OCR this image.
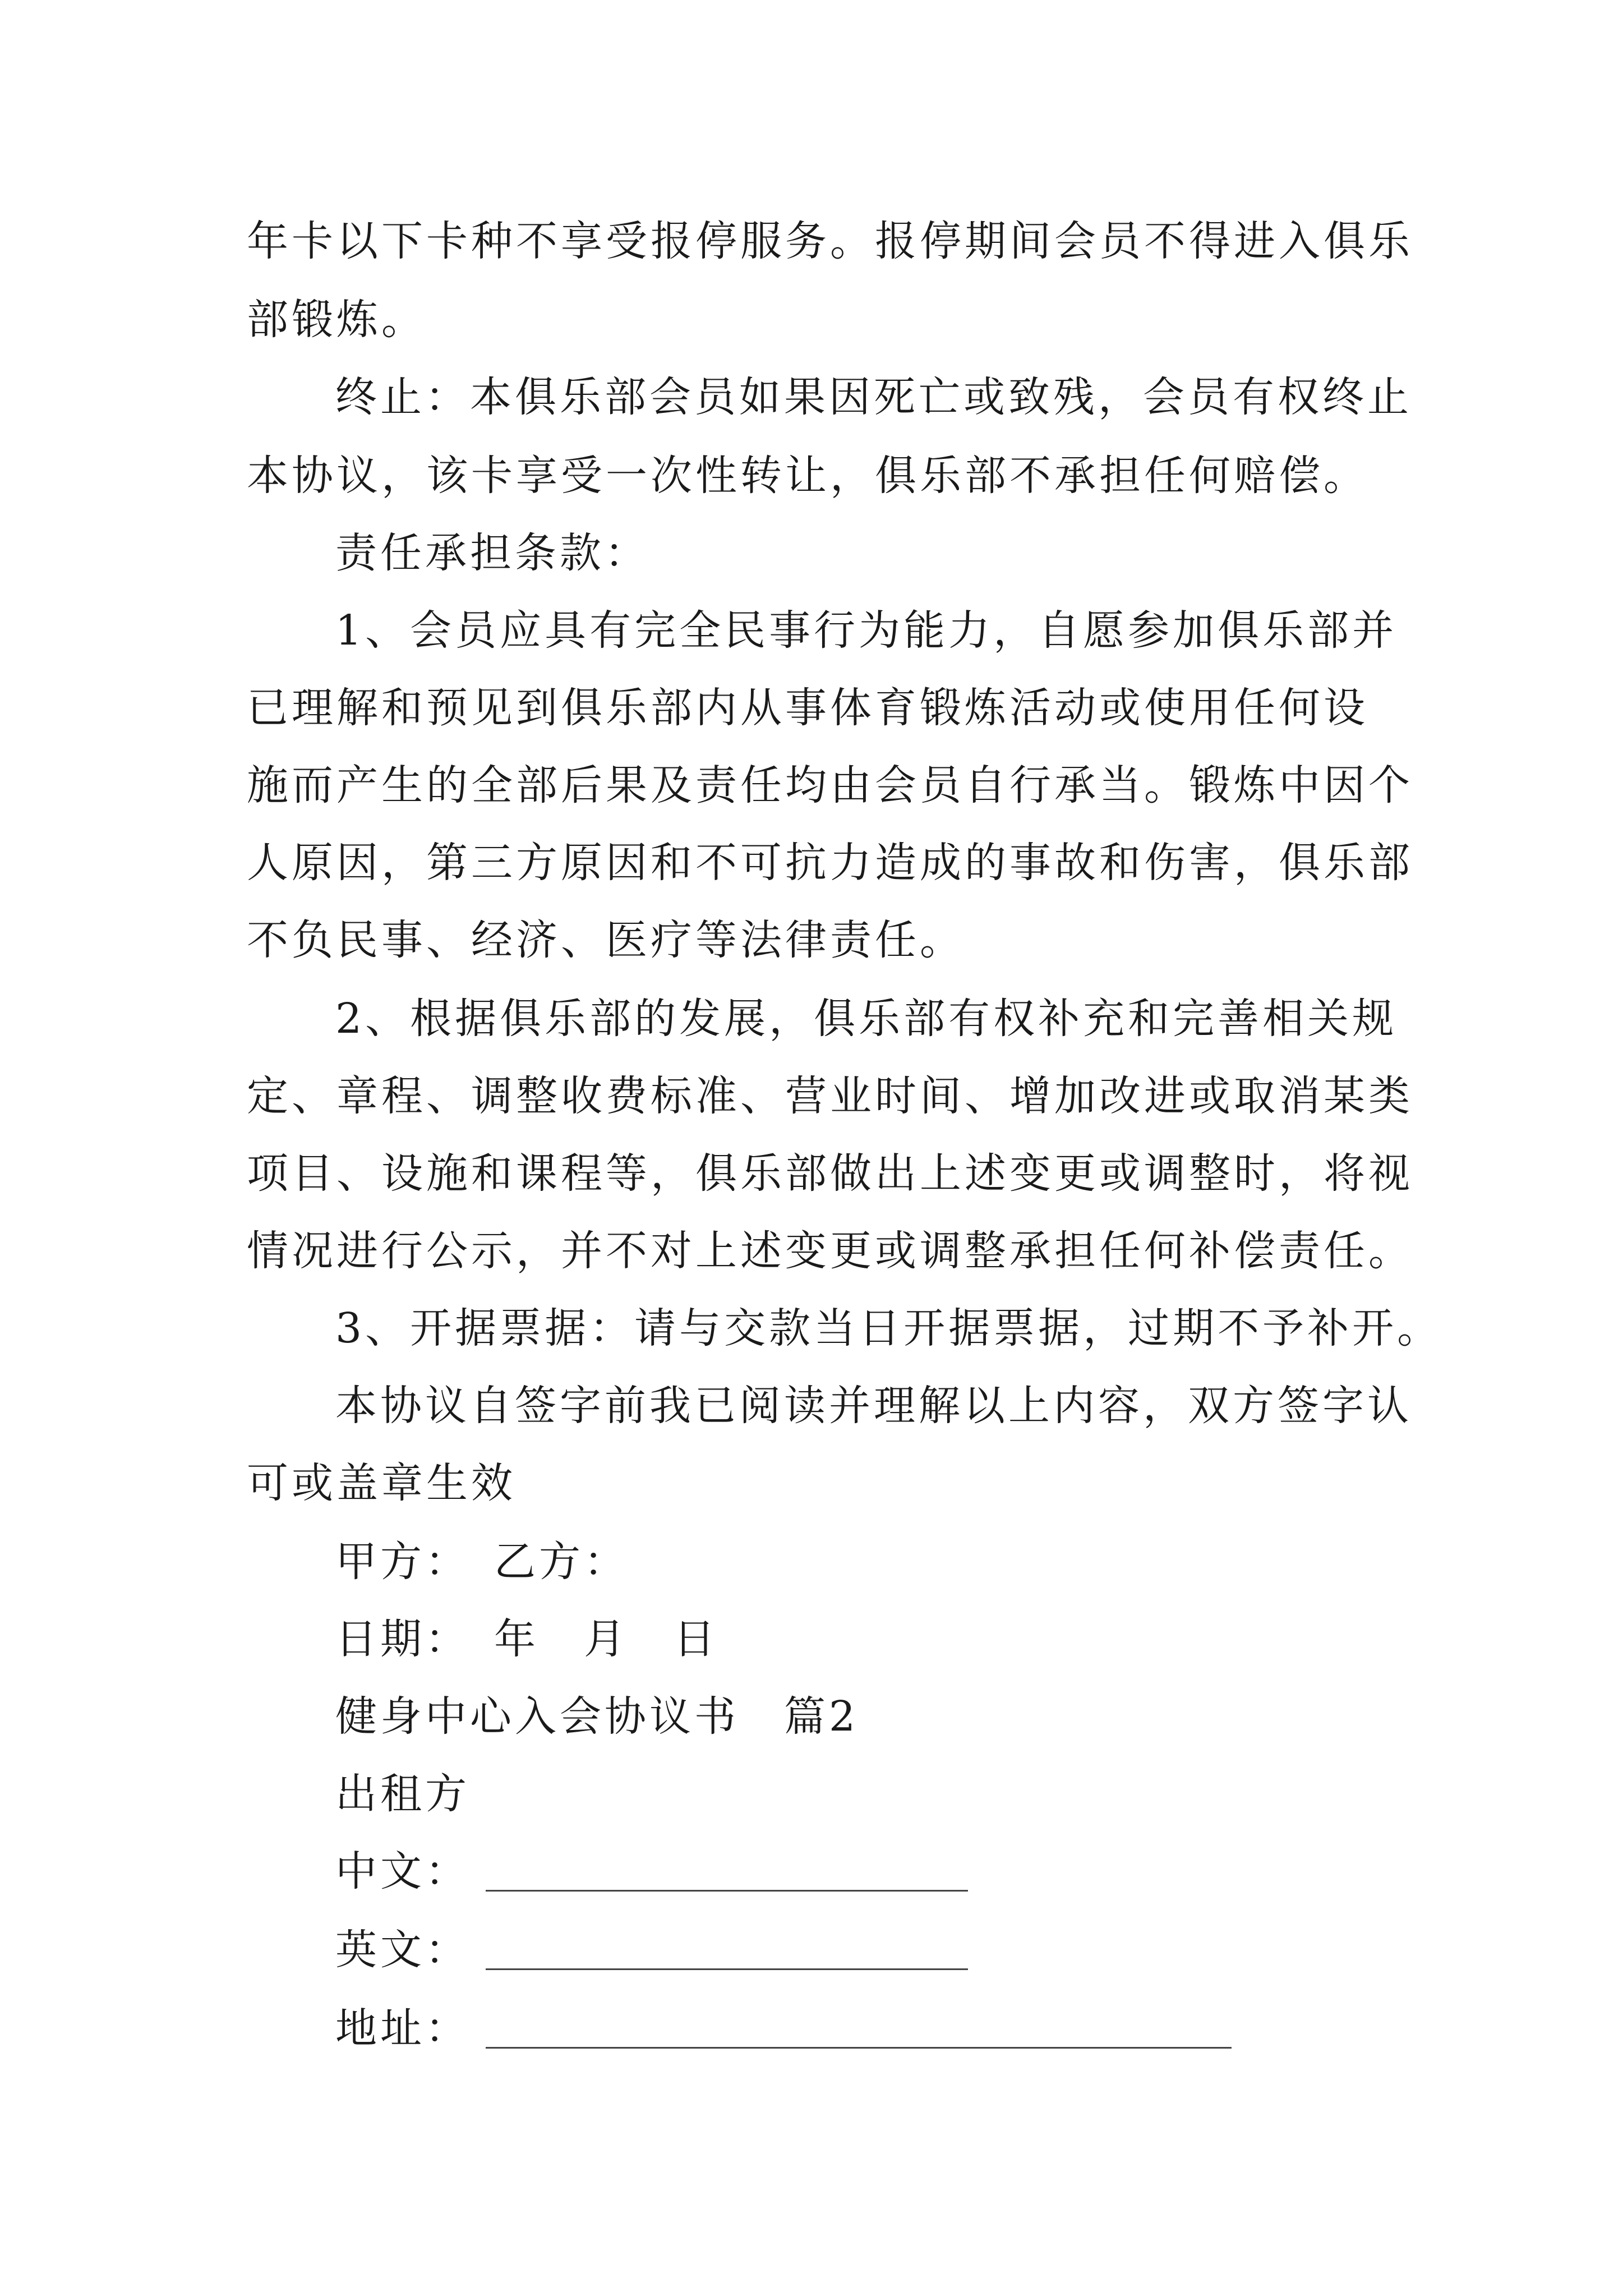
年卡以下卡种不享受报停服务。报停期间会员不得进入俱乐
部锻炼。
终止：本俱乐部会员如果因死亡或致残，会员有权终止
本协议，该卡享受一次性转让，俱乐部不承担任何赔偿。
责任承担条款：
1、会员应具有完全民事行为能力，自愿参加俱乐部并
已理解和预见到俱乐部内从事体育锻炼活动或使用任何设
施而产生的全部后果及责任均由会员自行承当。锻炼中因个
人原因，第三方原因和不可抗力造成的事故和伤害，俱乐部
不负民事、经济、医疗等法律责任。
2、根据俱乐部的发展，俱乐部有权补充和完善相关规
定、章程、调整收费标准、营业时间、增加改进或取消某类
项目、设施和课程等，俱乐部做出上述变更或调整时，将视
情况进行公示，并不对上述变更或调整承担任何补偿责任。
3、开据票据：请与交款当日开据票据，过期不予补开。
本协议自签字前我已阅读并理解以上内容，双方签字认
可或盖章生效
甲方：　乙方：
日期：　年　月　日
健身中心入会协议书　篇2
出租方
中文：
英文：
地址：
